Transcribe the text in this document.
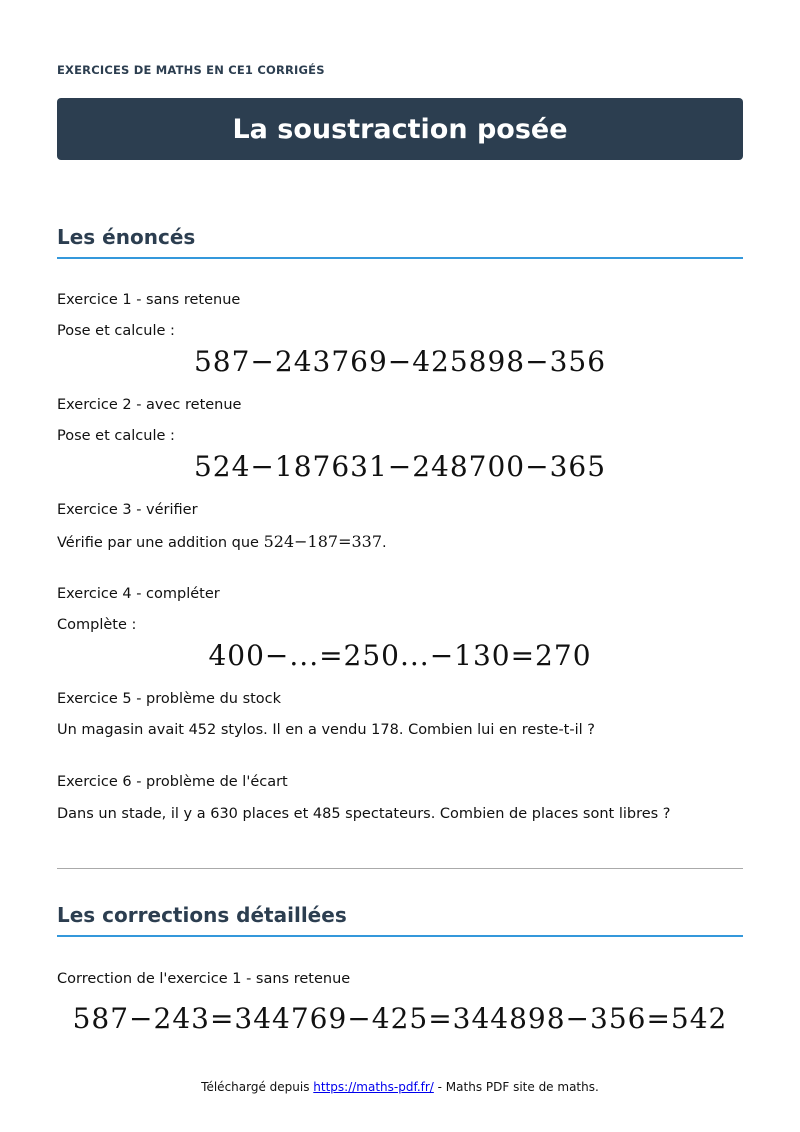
EXERCICES DE MATHS EN CE1 CORRIGÉS
La soustraction posée
Les énoncés
Exercice 1 - sans retenue
Pose et calcule :
587−243769−425898−356
Exercice 2 - avec retenue
Pose et calcule :
524−187631−248700−365
Exercice 3 - vérifier
Vérifie par une addition que 524−187=337.
Exercice 4 - compléter
Complète :
400−...=250...−130=270
Exercice 5 - problème du stock
Un magasin avait 452 stylos. Il en a vendu 178. Combien lui en reste-t-il ?
Exercice 6 - problème de l'écart
Dans un stade, il y a 630 places et 485 spectateurs. Combien de places sont libres ?
Les corrections détaillées
Correction de l'exercice 1 - sans retenue
587−243=344769−425=344898−356=542
Téléchargé depuis https://maths-pdf.fr/ - Maths PDF site de maths.
